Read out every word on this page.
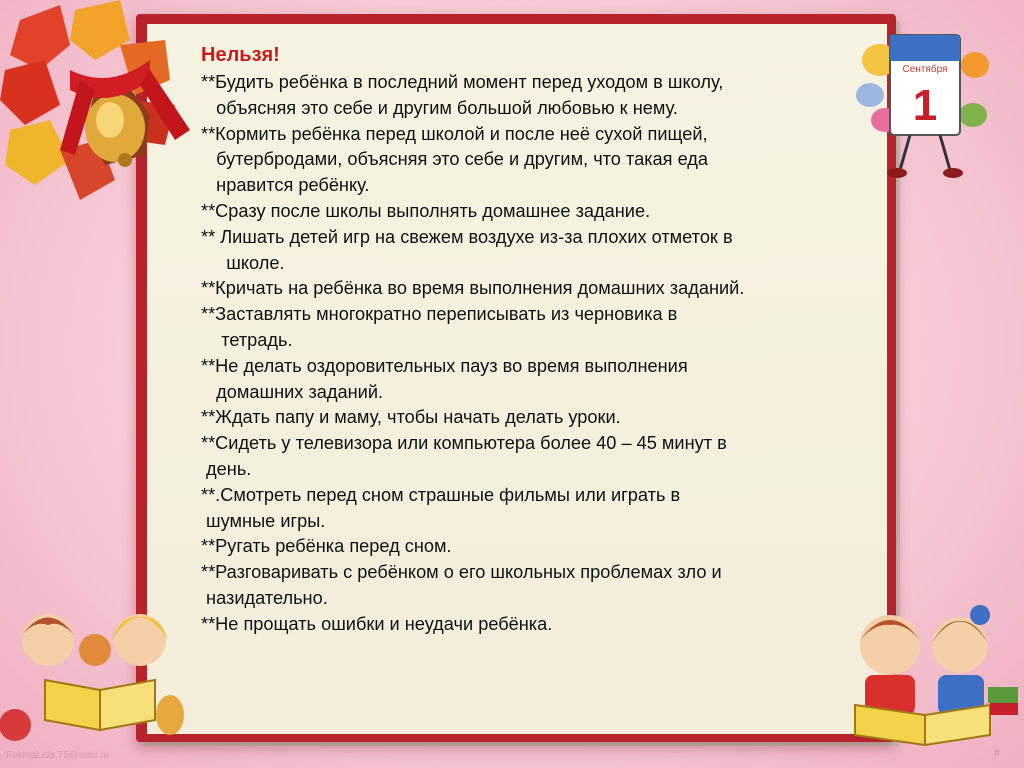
Сентября
1
Нельзя!
**Будить ребёнка в последний момент перед уходом в школу,
объясняя это себе и другим большой любовью к нему.
**Кормить ребёнка перед школой и после неё сухой пищей,
бутербродами, объясняя это себе и другим, что такая еда
нравится ребёнку.
**Сразу после школы выполнять домашнее задание.
** Лишать детей игр на свежем воздухе из-за плохих отметок в
школе.
**Кричать на ребёнка во время выполнения домашних заданий.
**Заставлять многократно переписывать из черновика в
тетрадь.
**Не делать оздоровительных пауз во время выполнения
домашних заданий.
**Ждать папу и маму, чтобы начать делать уроки.
**Сидеть у телевизора или компьютера более 40 – 45 минут в
день.
**.Смотреть перед сном страшные фильмы или играть в
шумные игры.
**Ругать ребёнка перед сном.
**Разговаривать с ребёнком о его школьных проблемах зло и
назидательно.
**Не прощать ошибки и неудачи ребёнка.
FokinaLida.75@mail.ru	#
